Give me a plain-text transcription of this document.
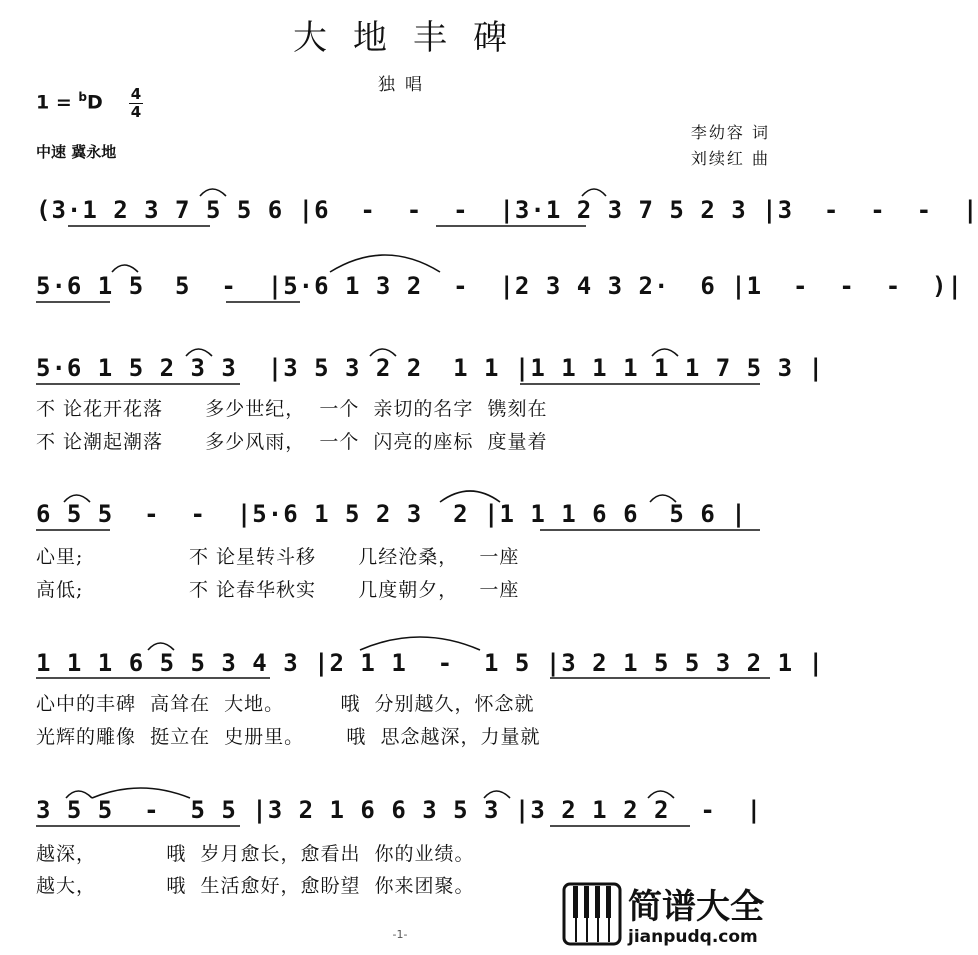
大地丰碑
独唱
1 = $^b$D 4
4
中速 冀永地
李幼容 词
刘续红 曲
(3·1 2 3 7 5 5 6 |6  -  -  -  |3·1 2 3 7 5 2 3 |3  -  -  -  |
5·6 1 5  5  -  |5·6 1 3 2  -  |2 3 4 3 2·  6 |1  -  -  -  )|
5·6 1 5 2 3 3  |3 5 3 2 2  1 1 |1 1 1 1 1 1 7 5 3 |
不 论花开花落      多少世纪，  一个  亲切的名字  镌刻在
不 论潮起潮落      多少风雨，  一个  闪亮的座标  度量着
6 5 5  -  -  |5·6 1 5 2 3  2 |1 1 1 6 6  5 6 |
心里;               不 论星转斗移      几经沧桑，   一座
高低;               不 论春华秋实      几度朝夕，   一座
1 1 1 6 5 5 3 4 3 |2 1 1  -  1 5 |3 2 1 5 5 3 2 1 |
心中的丰碑  高耸在  大地。        哦  分别越久，怀念就
光辉的雕像  挺立在  史册里。      哦  思念越深，力量就
3 5 5  -  5 5 |3 2 1 6 6 3 5 3 |3 2 1 2 2  -  |
越深，          哦  岁月愈长，愈看出  你的业绩。
越大，          哦  生活愈好，愈盼望  你来团聚。
-1-
简谱大全
jianpudq.com
